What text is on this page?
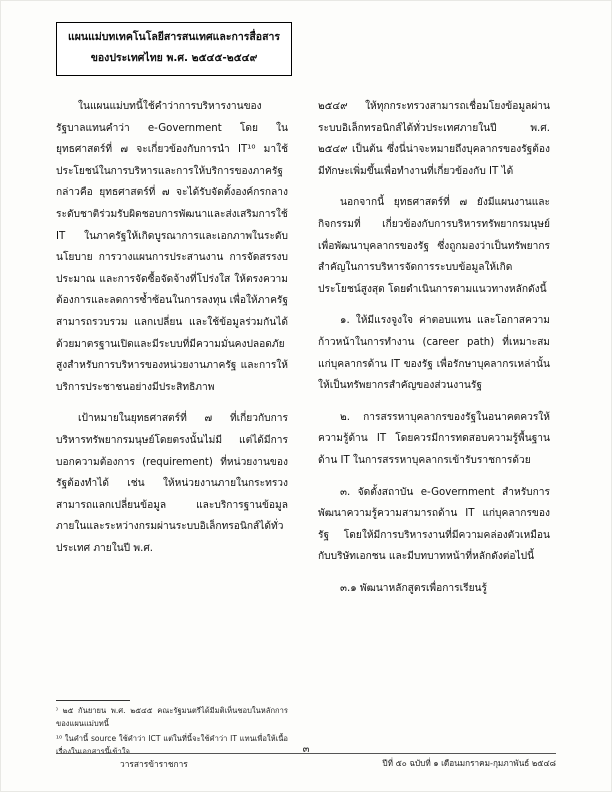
แผนแม่บทเทคโนโลยีสารสนเทศและการสื่อสาร
ของประเทศไทย พ.ศ. ๒๕๔๕-๒๕๔๙

ในแผนแม่บทนี้ใช้คำว่าการบริหารงานของรัฐบาลแทนคำว่า e-Government โดย ในยุทธศาสตร์ที่ ๗ จะเกี่ยวข้องกับการนำ IT¹⁰ มาใช้ประโยชน์ในการบริหารและการให้บริการของภาครัฐ กล่าวคือ ยุทธศาสตร์ที่ ๗ จะได้รับจัดตั้งองค์กรกลางระดับชาติร่วมรับผิดชอบการพัฒนาและส่งเสริมการใช้ IT ในภาครัฐให้เกิดบูรณาการและเอกภาพในระดับนโยบาย การวางแผนการประสานงาน การจัดสรรงบประมาณ และการจัดซื้อจัดจ้างที่โปร่งใส ให้ตรงความต้องการและลดการซ้ำซ้อนในการลงทุน เพื่อให้ภาครัฐสามารถรวบรวม แลกเปลี่ยน และใช้ข้อมูลร่วมกันได้ ด้วยมาตรฐานเปิดและมีระบบที่มีความมั่นคงปลอดภัยสูงสำหรับการบริหารของหน่วยงานภาครัฐ และการให้บริการประชาชนอย่างมีประสิทธิภาพ

เป้าหมายในยุทธศาสตร์ที่ ๗ ที่เกี่ยวกับการบริหารทรัพยากรมนุษย์โดยตรงนั้นไม่มี แต่ได้มีการบอกความต้องการ (requirement) ที่หน่วยงานของรัฐต้องทำได้ เช่น ให้หน่วยงานภายในกระทรวงสามารถแลกเปลี่ยนข้อมูล และบริการฐานข้อมูลภายในและระหว่างกรมผ่านระบบอิเล็กทรอนิกส์ได้ทั่วประเทศ ภายในปี พ.ศ.

๒๕๔๙ ให้ทุกกระทรวงสามารถเชื่อมโยงข้อมูลผ่านระบบอิเล็กทรอนิกส์ได้ทั่วประเทศภายในปี พ.ศ. ๒๕๔๙ เป็นต้น ซึ่งนี่น่าจะหมายถึงบุคลากรของรัฐต้องมีทักษะเพิ่มขึ้นเพื่อทำงานที่เกี่ยวข้องกับ IT ได้

นอกจากนี้ ยุทธศาสตร์ที่ ๗ ยังมีแผนงานและกิจกรรมที่ เกี่ยวข้องกับการบริหารทรัพยากรมนุษย์ เพื่อพัฒนาบุคลากรของรัฐ ซึ่งถูกมองว่าเป็นทรัพยากรสำคัญในการบริหารจัดการระบบข้อมูลให้เกิดประโยชน์สูงสุด โดยดำเนินการตามแนวทางหลักดังนี้

๑. ให้มีแรงจูงใจ ค่าตอบแทน และโอกาสความก้าวหน้าในการทำงาน (career path) ที่เหมาะสม แก่บุคลากรด้าน IT ของรัฐ เพื่อรักษาบุคลากรเหล่านั้นให้เป็นทรัพยากรสำคัญของส่วนงานรัฐ

๒. การสรรหาบุคลากรของรัฐในอนาคตควรให้ความรู้ด้าน IT โดยควรมีการทดสอบความรู้พื้นฐานด้าน IT ในการสรรหาบุคลากรเข้ารับราชการด้วย

๓. จัดตั้งสถาบัน e-Government สำหรับการพัฒนาความรู้ความสามารถด้าน IT แก่บุคลากรของรัฐ โดยให้มีการบริหารงานที่มีความคล่องตัวเหมือนกับบริษัทเอกชน และมีบทบาทหน้าที่หลักดังต่อไปนี้

๓.๑ พัฒนาหลักสูตรเพื่อการเรียนรู้

⁾ ๒๕ กันยายน พ.ศ. ๒๕๔๕ คณะรัฐมนตรีได้มีมติเห็นชอบในหลักการของแผนแม่บทนี้
¹⁰ ในคำนี้ source ใช้คำว่า ICT แต่ในที่นี้จะใช้คำว่า IT แทนเพื่อให้เนื้อเรื่องในเอกสารนี้เข้าใจ	๓
วารสารข้าราชการ	ปีที่ ๕๐ ฉบับที่ ๑ เดือนมกราคม-กุมภาพันธ์ ๒๕๔๘
